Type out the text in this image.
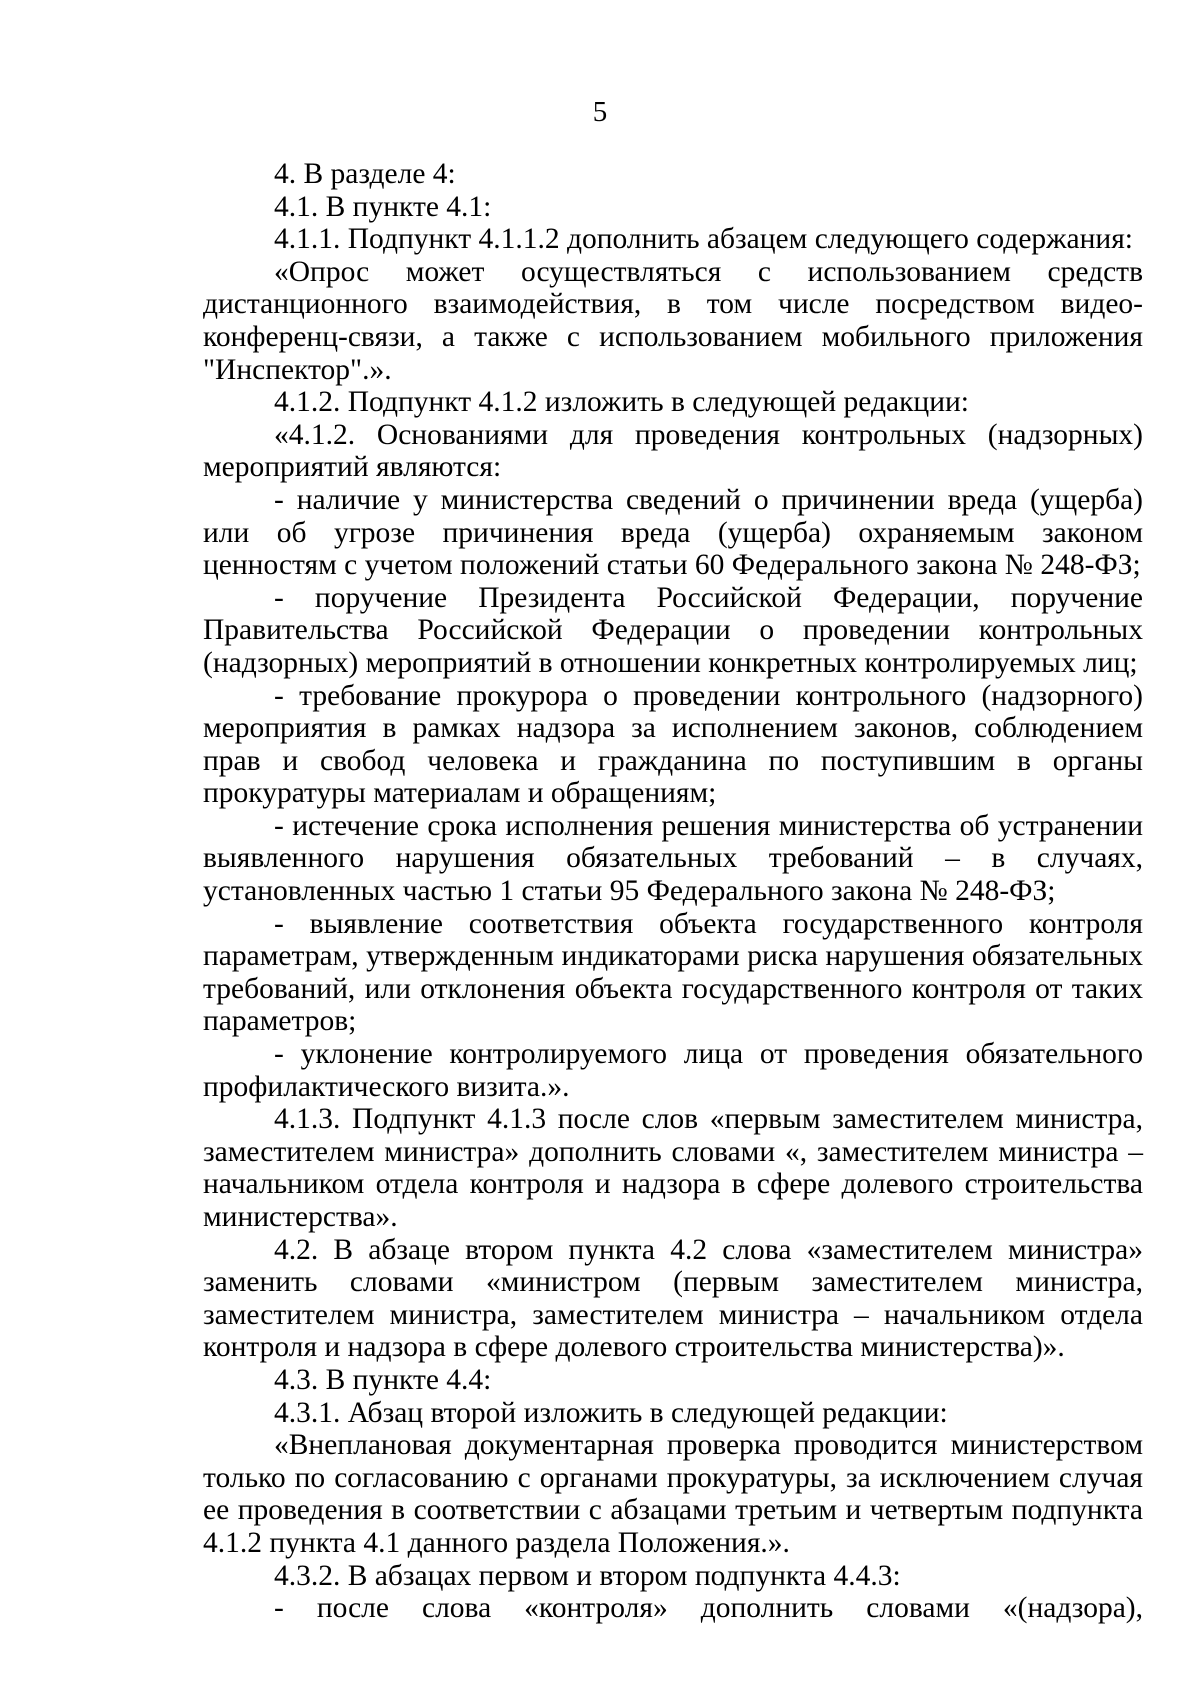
5

4. В разделе 4:

4.1. В пункте 4.1:

4.1.1. Подпункт 4.1.1.2 дополнить абзацем следующего содержания:

«Опрос может осуществляться с использованием средств дистанционного взаимодействия, в том числе посредством видео-конференц-связи, а также с использованием мобильного приложения "Инспектор".».

4.1.2. Подпункт 4.1.2 изложить в следующей редакции:

«4.1.2. Основаниями для проведения контрольных (надзорных) мероприятий являются:

- наличие у министерства сведений о причинении вреда (ущерба) или об угрозе причинения вреда (ущерба) охраняемым законом ценностям с учетом положений статьи 60 Федерального закона № 248-ФЗ;

- поручение Президента Российской Федерации, поручение Правительства Российской Федерации о проведении контрольных (надзорных) мероприятий в отношении конкретных контролируемых лиц;

- требование прокурора о проведении контрольного (надзорного) мероприятия в рамках надзора за исполнением законов, соблюдением прав и свобод человека и гражданина по поступившим в органы прокуратуры материалам и обращениям;

- истечение срока исполнения решения министерства об устранении выявленного нарушения обязательных требований – в случаях, установленных частью 1 статьи 95 Федерального закона № 248-ФЗ;

- выявление соответствия объекта государственного контроля параметрам, утвержденным индикаторами риска нарушения обязательных требований, или отклонения объекта государственного контроля от таких параметров;

- уклонение контролируемого лица от проведения обязательного профилактического визита.».

4.1.3. Подпункт 4.1.3 после слов «первым заместителем министра, заместителем министра» дополнить словами «, заместителем министра – начальником отдела контроля и надзора в сфере долевого строительства министерства».

4.2. В абзаце втором пункта 4.2 слова «заместителем министра» заменить словами «министром (первым заместителем министра, заместителем министра, заместителем министра – начальником отдела контроля и надзора в сфере долевого строительства министерства)».

4.3. В пункте 4.4:

4.3.1. Абзац второй изложить в следующей редакции:

«Внеплановая документарная проверка проводится министерством только по согласованию с органами прокуратуры, за исключением случая ее проведения в соответствии с абзацами третьим и четвертым подпункта 4.1.2 пункта 4.1 данного раздела Положения.».

4.3.2. В абзацах первом и втором подпункта 4.4.3:

- после слова «контроля» дополнить словами «(надзора),
